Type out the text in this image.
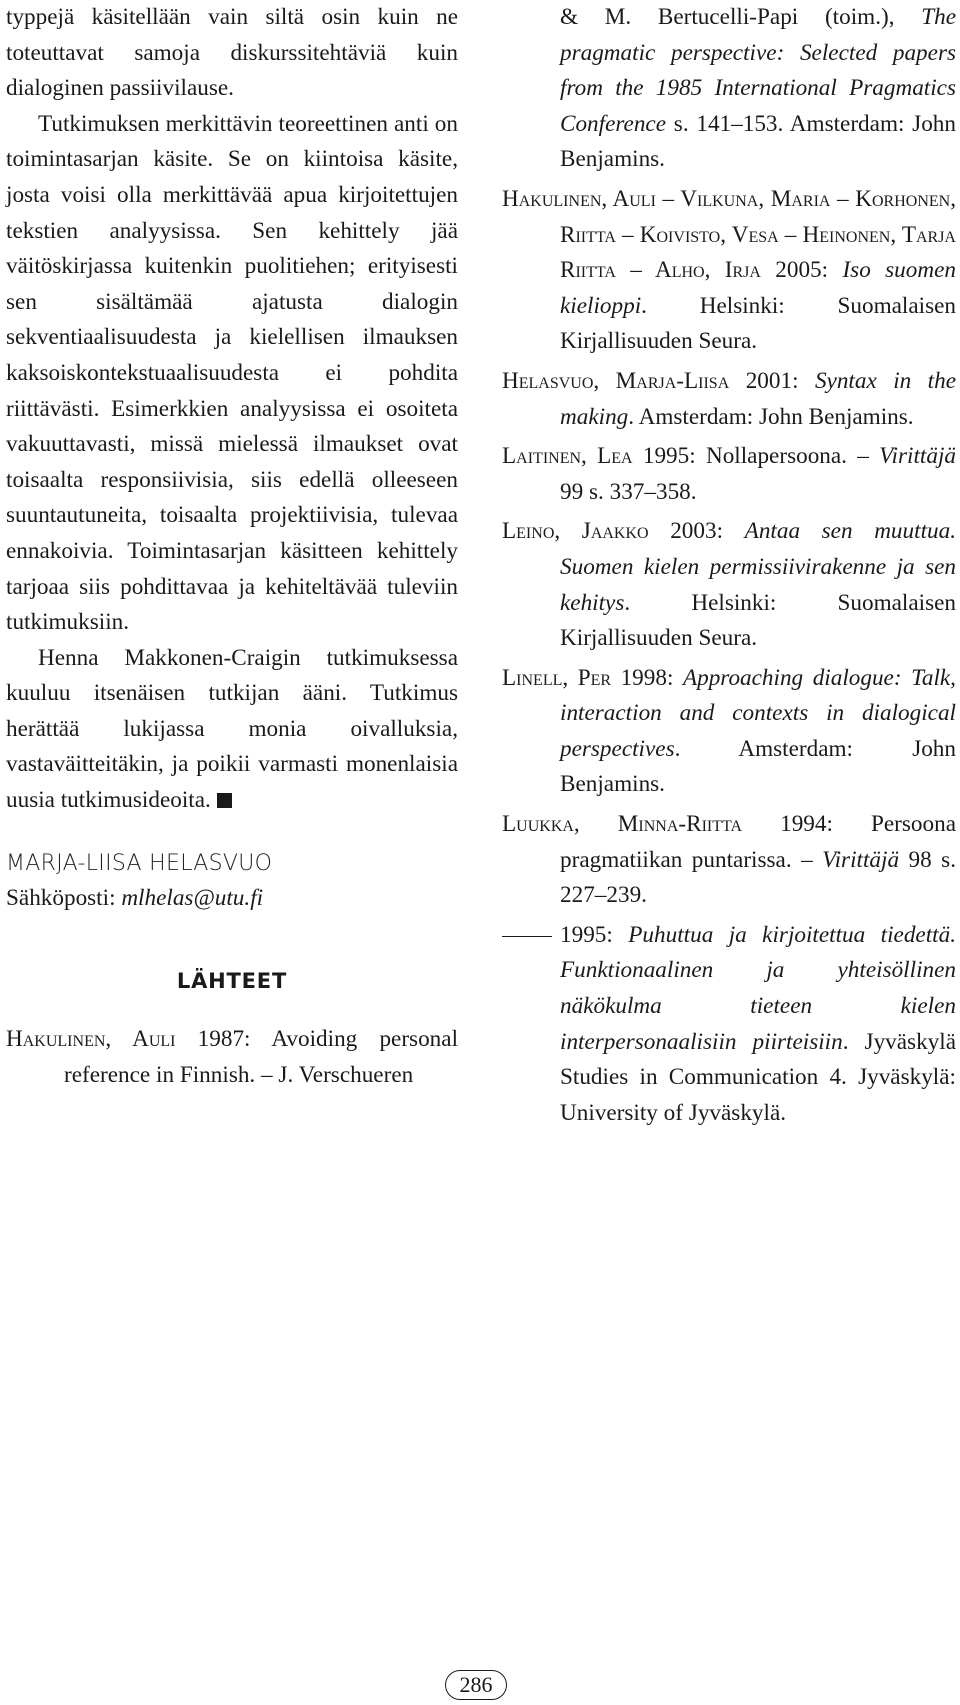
typpejä käsitellään vain siltä osin kuin ne toteuttavat samoja diskurssitehtäviä kuin dialoginen passiivilause.

Tutkimuksen merkittävin teoreettinen anti on toimintasarjan käsite. Se on kiintoisa käsite, josta voisi olla merkittävää apua kirjoitettujen tekstien analyysissa. Sen kehittely jää väitöskirjassa kuitenkin puolitiehen; erityisesti sen sisältämää ajatusta dialogin sekventiaalisuudesta ja kielellisen ilmauksen kaksoiskontekstuaalisuudesta ei pohdita riittävästi. Esimerkkien analyysissa ei osoiteta vakuuttavasti, missä mielessä ilmaukset ovat toisaalta responsiivisia, siis edellä olleeseen suuntautuneita, toisaalta projektiivisia, tulevaa ennakoivia. Toimintasarjan käsitteen kehittely tarjoaa siis pohdittavaa ja kehiteltävää tuleviin tutkimuksiin.

Henna Makkonen-Craigin tutkimuksessa kuuluu itsenäisen tutkijan ääni. Tutkimus herättää lukijassa monia oivalluksia, vastaväitteitäkin, ja poikii varmasti monenlaisia uusia tutkimusideoita.

MARJA-LIISA HELASVUO

Sähköposti: mlhelas@utu.fi

LÄHTEET

Hakulinen, Auli 1987: Avoiding personal reference in Finnish. – J. Verschueren

& M. Bertucelli-Papi (toim.), The pragmatic perspective: Selected papers from the 1985 International Pragmatics Conference s. 141–153. Amsterdam: John Benjamins.

Hakulinen, Auli – Vilkuna, Maria – Korhonen, Riitta – Koivisto, Vesa – Heinonen, Tarja Riitta – Alho, Irja 2005: Iso suomen kielioppi. Helsinki: Suomalaisen Kirjallisuuden Seura.

Helasvuo, Marja-Liisa 2001: Syntax in the making. Amsterdam: John Benjamins.

Laitinen, Lea 1995: Nollapersoona. – Virittäjä 99 s. 337–358.

Leino, Jaakko 2003: Antaa sen muuttua. Suomen kielen permissiivirakenne ja sen kehitys. Helsinki: Suomalaisen Kirjallisuuden Seura.

Linell, Per 1998: Approaching dialogue: Talk, interaction and contexts in dialogical perspectives. Amsterdam: John Benjamins.

Luukka, Minna-Riitta 1994: Persoona pragmatiikan puntarissa. – Virittäjä 98 s. 227–239.

1995: Puhuttua ja kirjoitettua tiedettä. Funktionaalinen ja yhteisöllinen näkökulma tieteen kielen interpersonaalisiin piirteisiin. Jyväskylä Studies in Communication 4. Jyväskylä: University of Jyväskylä.

286
